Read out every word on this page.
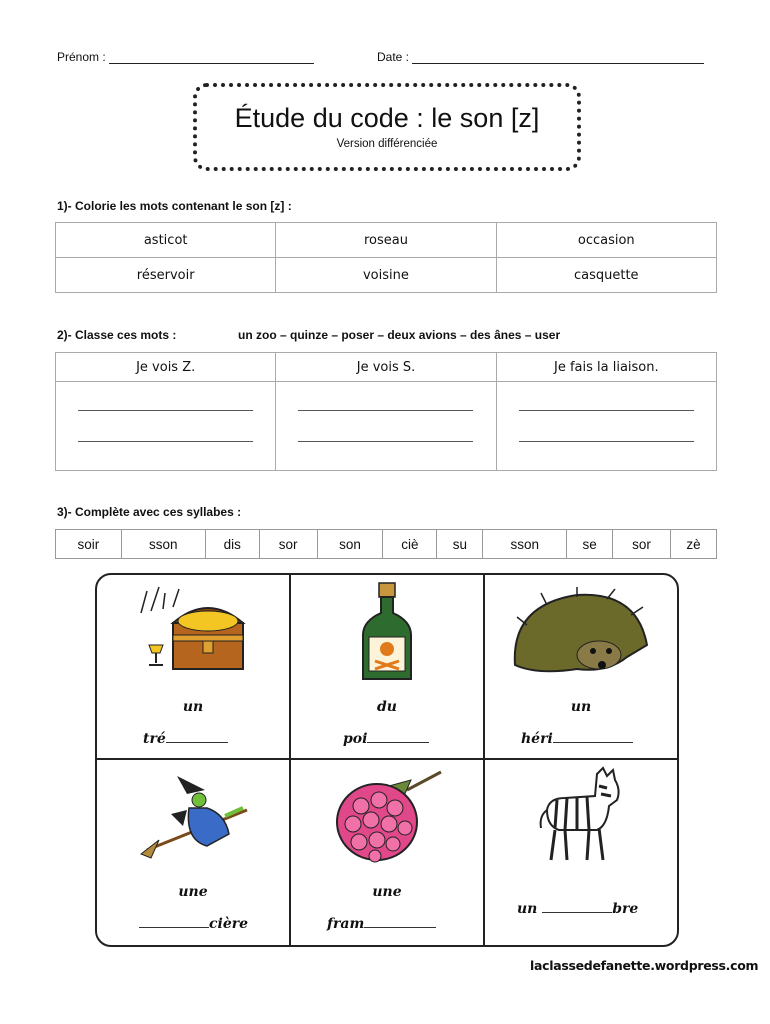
Prénom :	Date :
Étude du code : le son [z]
Version différenciée
1)- Colorie les mots contenant le son [z] :
asticot	roseau	occasion
réservoir	voisine	casquette
2)- Classe ces mots :	un zoo – quinze – poser – deux avions – des ânes – user
Je vois Z.	Je vois S.	Je fais la liaison.

3)- Complète avec ces syllabes :
soir	sson	dis	sor	son	ciè	su	sson	se	sor	zè
un
tré
du
poi
un
héri
une
cière
une
fram
un	bre
laclassedefanette.wordpress.com
